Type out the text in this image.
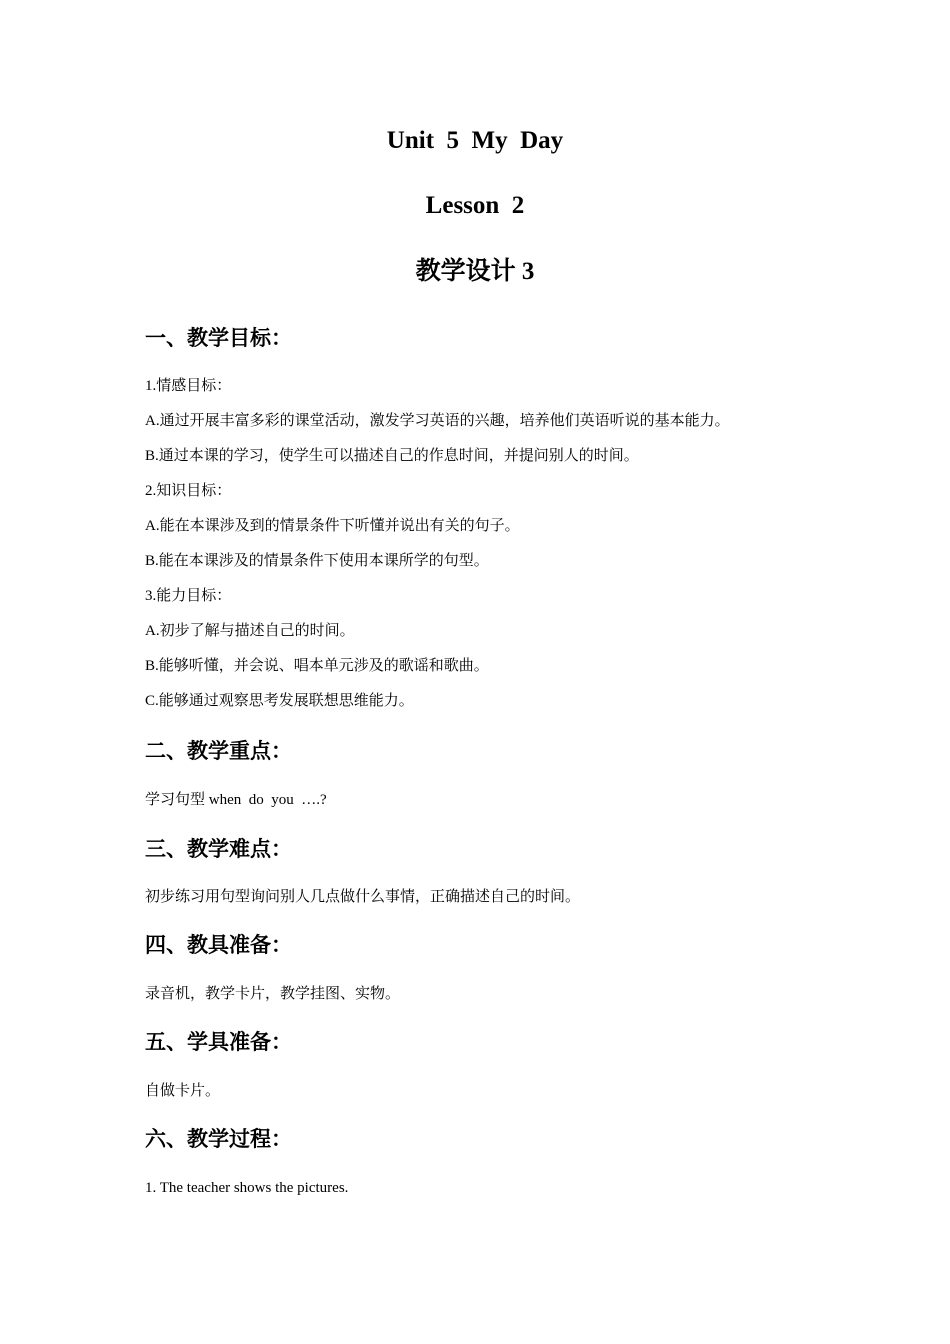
Unit  5  My  Day
Lesson  2
教学设计 3
一、教学目标：
1.情感目标：
A.通过开展丰富多彩的课堂活动，激发学习英语的兴趣，培养他们英语听说的基本能力。
B.通过本课的学习，使学生可以描述自己的作息时间，并提问别人的时间。
2.知识目标：
A.能在本课涉及到的情景条件下听懂并说出有关的句子。
B.能在本课涉及的情景条件下使用本课所学的句型。
3.能力目标：
A.初步了解与描述自己的时间。
B.能够听懂，并会说、唱本单元涉及的歌谣和歌曲。
C.能够通过观察思考发展联想思维能力。
二、教学重点：
学习句型 when  do  you  ….?
三、教学难点：
初步练习用句型询问别人几点做什么事情，正确描述自己的时间。
四、教具准备：
录音机，教学卡片，教学挂图、实物。
五、学具准备：
自做卡片。
六、教学过程：
1. The teacher shows the pictures.
